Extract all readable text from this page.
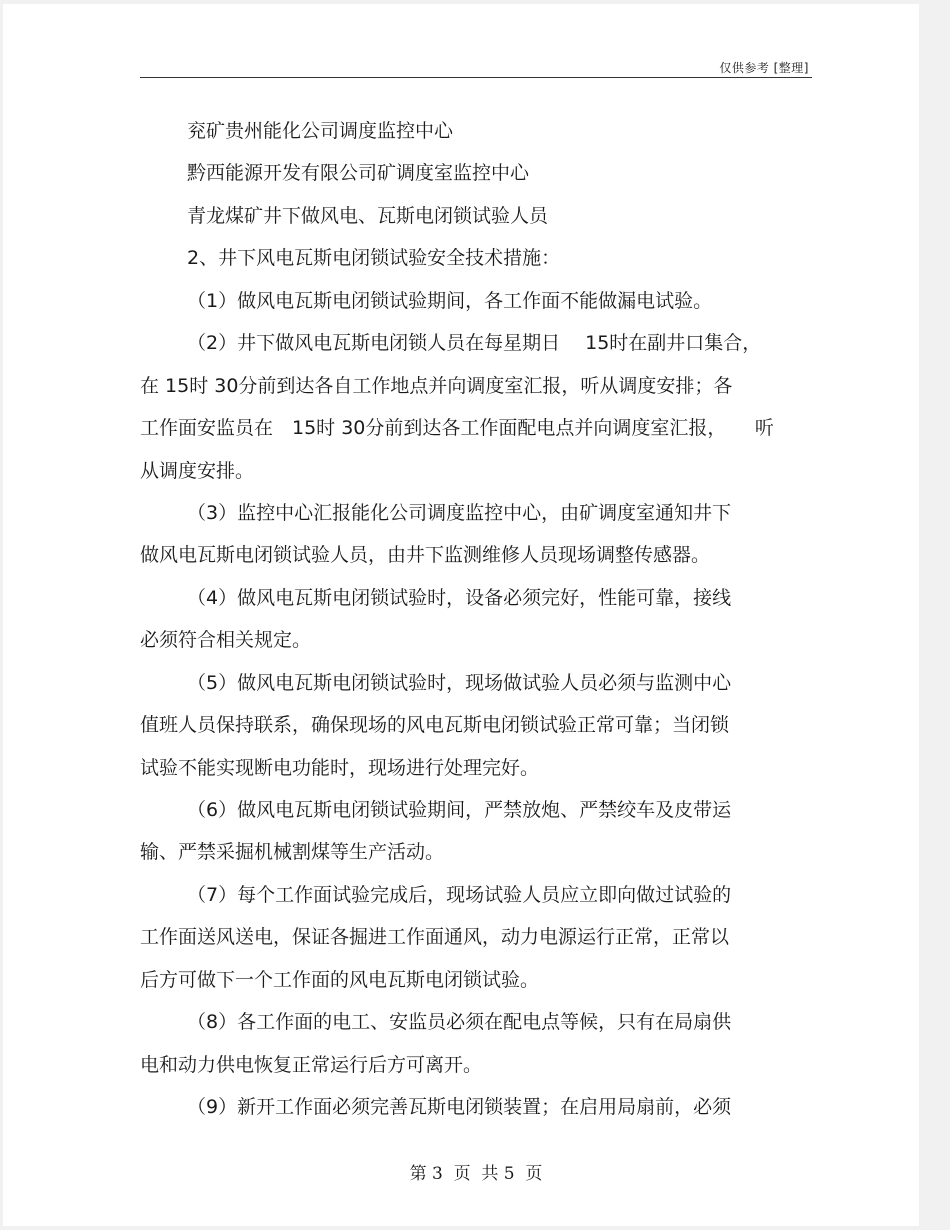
仅供参考 [整理]
兖矿贵州能化公司调度监控中心
黔西能源开发有限公司矿调度室监控中心
青龙煤矿井下做风电、瓦斯电闭锁试验人员
2、井下风电瓦斯电闭锁试验安全技术措施：
（1）做风电瓦斯电闭锁试验期间，各工作面不能做漏电试验。
（2）井下做风电瓦斯电闭锁人员在每星期日　 15时在副井口集合，
在 15时 30分前到达各自工作地点并向调度室汇报，听从调度安排；各
工作面安监员在　15时 30分前到达各工作面配电点并向调度室汇报，　　听
从调度安排。
（3）监控中心汇报能化公司调度监控中心，由矿调度室通知井下
做风电瓦斯电闭锁试验人员，由井下监测维修人员现场调整传感器。
（4）做风电瓦斯电闭锁试验时，设备必须完好，性能可靠，接线
必须符合相关规定。
（5）做风电瓦斯电闭锁试验时，现场做试验人员必须与监测中心
值班人员保持联系，确保现场的风电瓦斯电闭锁试验正常可靠；当闭锁
试验不能实现断电功能时，现场进行处理完好。
（6）做风电瓦斯电闭锁试验期间，严禁放炮、严禁绞车及皮带运
输、严禁采掘机械割煤等生产活动。
（7）每个工作面试验完成后，现场试验人员应立即向做过试验的
工作面送风送电，保证各掘进工作面通风，动力电源运行正常，正常以
后方可做下一个工作面的风电瓦斯电闭锁试验。
（8）各工作面的电工、安监员必须在配电点等候，只有在局扇供
电和动力供电恢复正常运行后方可离开。
（9）新开工作面必须完善瓦斯电闭锁装置；在启用局扇前，必须
第 3  页  共 5  页
